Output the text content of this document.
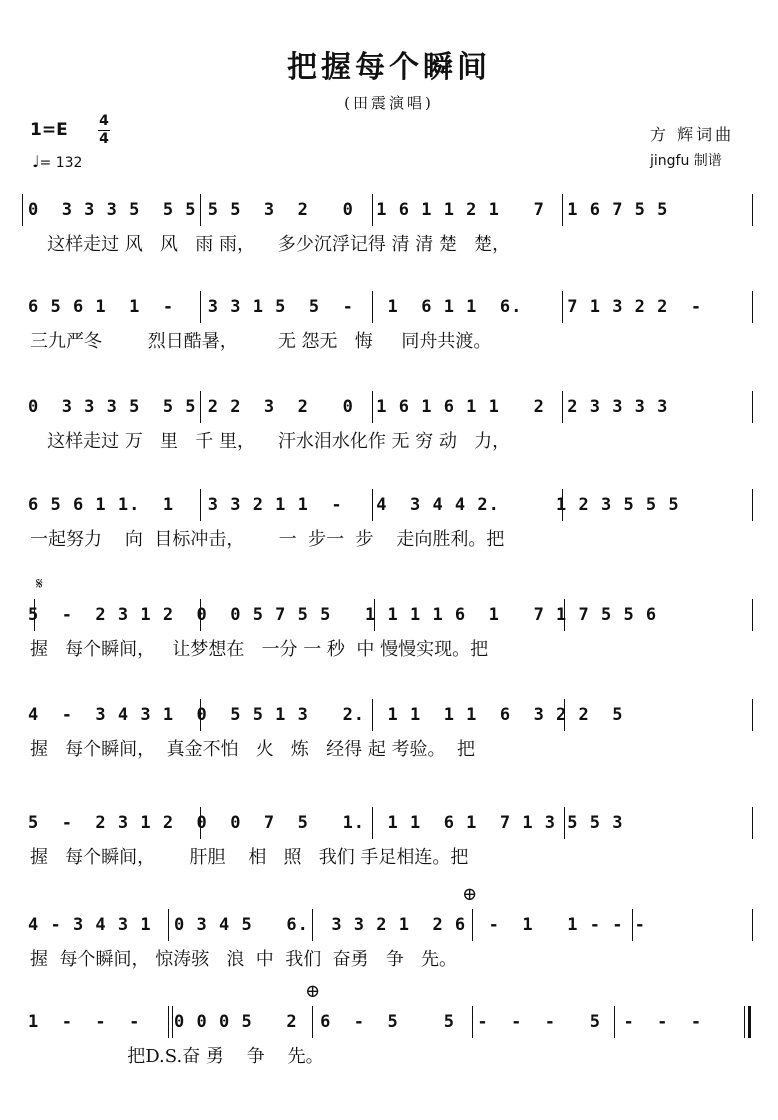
把握每个瞬间
(田震演唱)
1=E 4
4
♩= 132
方 辉词曲
jingfu 制谱
𝄋
⊕
⊕
0  3 3 3 5  5 5 5 5  3  2   0  1 6 1 1 2 1   7  1 6 7 5 5
这样走过 风   风   雨 雨，    多少沉浮记得 清 清 楚   楚，
6 5 6 1  1  -   3 3 1 5  5  -   1  6 1 1  6.    7 1 3 2 2  -
三九严冬        烈日酷暑，       无 怨无   悔     同舟共渡。
0  3 3 3 5  5 5 2 2  3  2   0  1 6 1 6 1 1   2  2 3 3 3 3
这样走过 万   里   千 里，    汗水泪水化作 无 穷 动   力，
6 5 6 1 1.  1   3 3 2 1 1  -   4  3 4 4 2.     1 2 3 5 5 5
一起努力    向  目标冲击，      一  步一  步    走向胜利。把
5  -  2 3 1 2  0  0 5 7 5 5   1 1 1 1 6  1   7 1 7 5 5 6
握   每个瞬间，   让梦想在   一分 一 秒  中 慢慢实现。把
4  -  3 4 3 1  0  5 5 1 3   2.  1 1  1 1  6  3 2 2  5
握   每个瞬间，  真金不怕   火   炼   经得 起 考验。  把
5  -  2 3 1 2  0  0  7  5   1.  1 1  6 1  7 1 3 5 5 3
握   每个瞬间，      肝胆    相   照   我们 手足相连。把
4 - 3 4 3 1  0 3 4 5   6.  3 3 2 1  2 6  -  1   1 - - -
握  每个瞬间， 惊涛骇   浪  中  我们  奋勇   争   先。
1  -  -  -   0 0 0 5   2  6  -  5    5  -  -  -   5  -  -  -
把D.S.奋 勇    争    先。
